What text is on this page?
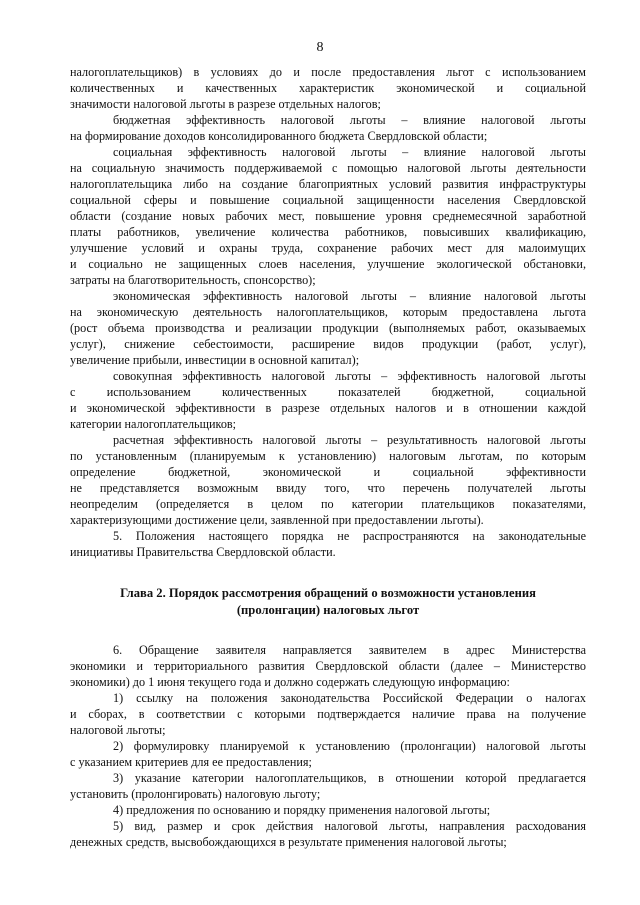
8
налогоплательщиков) в условиях до и после предоставления льгот с использованием
количественных и качественных характеристик экономической и социальной
значимости налоговой льготы в разрезе отдельных налогов;
бюджетная эффективность налоговой льготы – влияние налоговой льготы
на формирование доходов консолидированного бюджета Свердловской области;
социальная эффективность налоговой льготы – влияние налоговой льготы
на социальную значимость поддерживаемой с помощью налоговой льготы деятельности
налогоплательщика либо на создание благоприятных условий развития инфраструктуры
социальной сферы и повышение социальной защищенности населения Свердловской
области (создание новых рабочих мест, повышение уровня среднемесячной заработной
платы работников, увеличение количества работников, повысивших квалификацию,
улучшение условий и охраны труда, сохранение рабочих мест для малоимущих
и социально не защищенных слоев населения, улучшение экологической обстановки,
затраты на благотворительность, спонсорство);
экономическая эффективность налоговой льготы – влияние налоговой льготы
на экономическую деятельность налогоплательщиков, которым предоставлена льгота
(рост объема производства и реализации продукции (выполняемых работ, оказываемых
услуг), снижение себестоимости, расширение видов продукции (работ, услуг),
увеличение прибыли, инвестиции в основной капитал);
совокупная эффективность налоговой льготы – эффективность налоговой льготы
с использованием количественных показателей бюджетной, социальной
и экономической эффективности в разрезе отдельных налогов и в отношении каждой
категории налогоплательщиков;
расчетная эффективность налоговой льготы – результативность налоговой льготы
по установленным (планируемым к установлению) налоговым льготам, по которым
определение бюджетной, экономической и социальной эффективности
не представляется возможным ввиду того, что перечень получателей льготы
неопределим (определяется в целом по категории плательщиков показателями,
характеризующими достижение цели, заявленной при предоставлении льготы).
5. Положения настоящего порядка не распространяются на законодательные
инициативы Правительства Свердловской области.
Глава 2. Порядок рассмотрения обращений о возможности установления
(пролонгации) налоговых льгот
6. Обращение заявителя направляется заявителем в адрес Министерства
экономики и территориального развития Свердловской области (далее – Министерство
экономики) до 1 июня текущего года и должно содержать следующую информацию:
1) ссылку на положения законодательства Российской Федерации о налогах
и сборах, в соответствии с которыми подтверждается наличие права на получение
налоговой льготы;
2) формулировку планируемой к установлению (пролонгации) налоговой льготы
с указанием критериев для ее предоставления;
3) указание категории налогоплательщиков, в отношении которой предлагается
установить (пролонгировать) налоговую льготу;
4) предложения по основанию и порядку применения налоговой льготы;
5) вид, размер и срок действия налоговой льготы, направления расходования
денежных средств, высвобождающихся в результате применения налоговой льготы;
